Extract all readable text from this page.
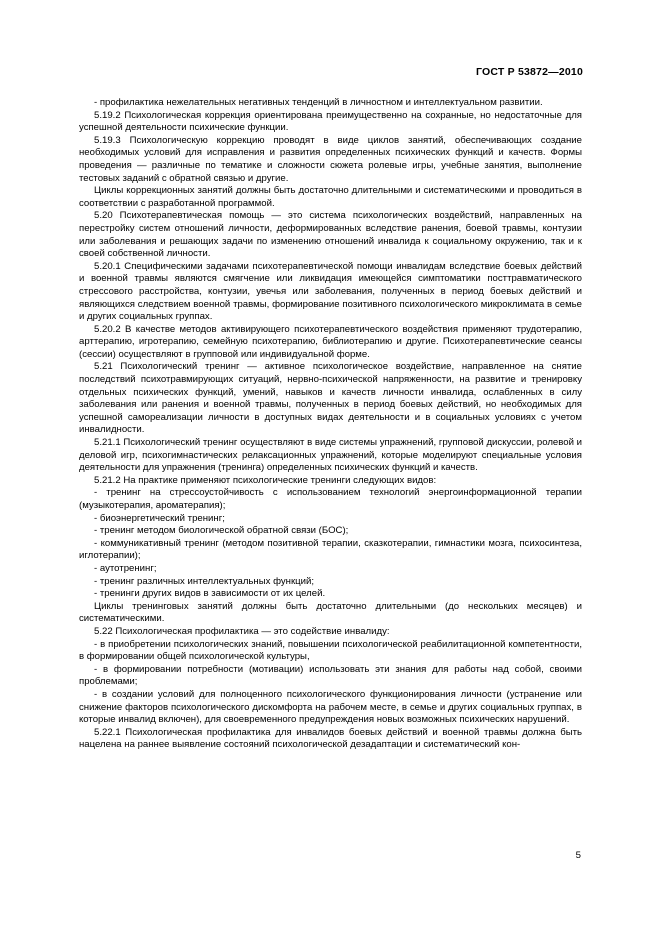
ГОСТ Р 53872—2010

- профилактика нежелательных негативных тенденций в личностном и интеллектуальном развитии.

5.19.2 Психологическая коррекция ориентирована преимущественно на сохранные, но недостаточные для успешной деятельности психические функции.

5.19.3 Психологическую коррекцию проводят в виде циклов занятий, обеспечивающих создание необходимых условий для исправления и развития определенных психических функций и качеств. Формы проведения — различные по тематике и сложности сюжета ролевые игры, учебные занятия, выполнение тестовых заданий с обратной связью и другие.

Циклы коррекционных занятий должны быть достаточно длительными и систематическими и проводиться в соответствии с разработанной программой.

5.20 Психотерапевтическая помощь — это система психологических воздействий, направленных на перестройку систем отношений личности, деформированных вследствие ранения, боевой травмы, контузии или заболевания и решающих задачи по изменению отношений инвалида к социальному окружению, так и к своей собственной личности.

5.20.1 Специфическими задачами психотерапевтической помощи инвалидам вследствие боевых действий и военной травмы являются смягчение или ликвидация имеющейся симптоматики посттравматического стрессового расстройства, контузии, увечья или заболевания, полученных в период боевых действий и являющихся следствием военной травмы, формирование позитивного психологического микроклимата в семье и других социальных группах.

5.20.2 В качестве методов активирующего психотерапевтического воздействия применяют трудотерапию, арттерапию, игротерапию, семейную психотерапию, библиотерапию и другие. Психотерапевтические сеансы (сессии) осуществляют в групповой или индивидуальной форме.

5.21 Психологический тренинг — активное психологическое воздействие, направленное на снятие последствий психотравмирующих ситуаций, нервно-психической напряженности, на развитие и тренировку отдельных психических функций, умений, навыков и качеств личности инвалида, ослабленных в силу заболевания или ранения и военной травмы, полученных в период боевых действий, но необходимых для успешной самореализации личности в доступных видах деятельности и в социальных условиях с учетом инвалидности.

5.21.1 Психологический тренинг осуществляют в виде системы упражнений, групповой дискуссии, ролевой и деловой игр, психогимнастических релаксационных упражнений, которые моделируют специальные условия деятельности для упражнения (тренинга) определенных психических функций и качеств.

5.21.2 На практике применяют психологические тренинги следующих видов:

- тренинг на стрессоустойчивость с использованием технологий энергоинформационной терапии (музыкотерапия, ароматерапия);

- биоэнергетический тренинг;

- тренинг методом биологической обратной связи (БОС);

- коммуникативный тренинг (методом позитивной терапии, сказкотерапии, гимнастики мозга, психосинтеза, иглотерапии);

- аутотренинг;

- тренинг различных интеллектуальных функций;

- тренинги других видов в зависимости от их целей.

Циклы тренинговых занятий должны быть достаточно длительными (до нескольких месяцев) и систематическими.

5.22 Психологическая профилактика — это содействие инвалиду:

- в приобретении психологических знаний, повышении психологической реабилитационной компетентности, в формировании общей психологической культуры,

- в формировании потребности (мотивации) использовать эти знания для работы над собой, своими проблемами;

- в создании условий для полноценного психологического функционирования личности (устранение или снижение факторов психологического дискомфорта на рабочем месте, в семье и других социальных группах, в которые инвалид включен), для своевременного предупреждения новых возможных психических нарушений.

5.22.1 Психологическая профилактика для инвалидов боевых действий и военной травмы должна быть нацелена на раннее выявление состояний психологической дезадаптации и систематический кон-

5
